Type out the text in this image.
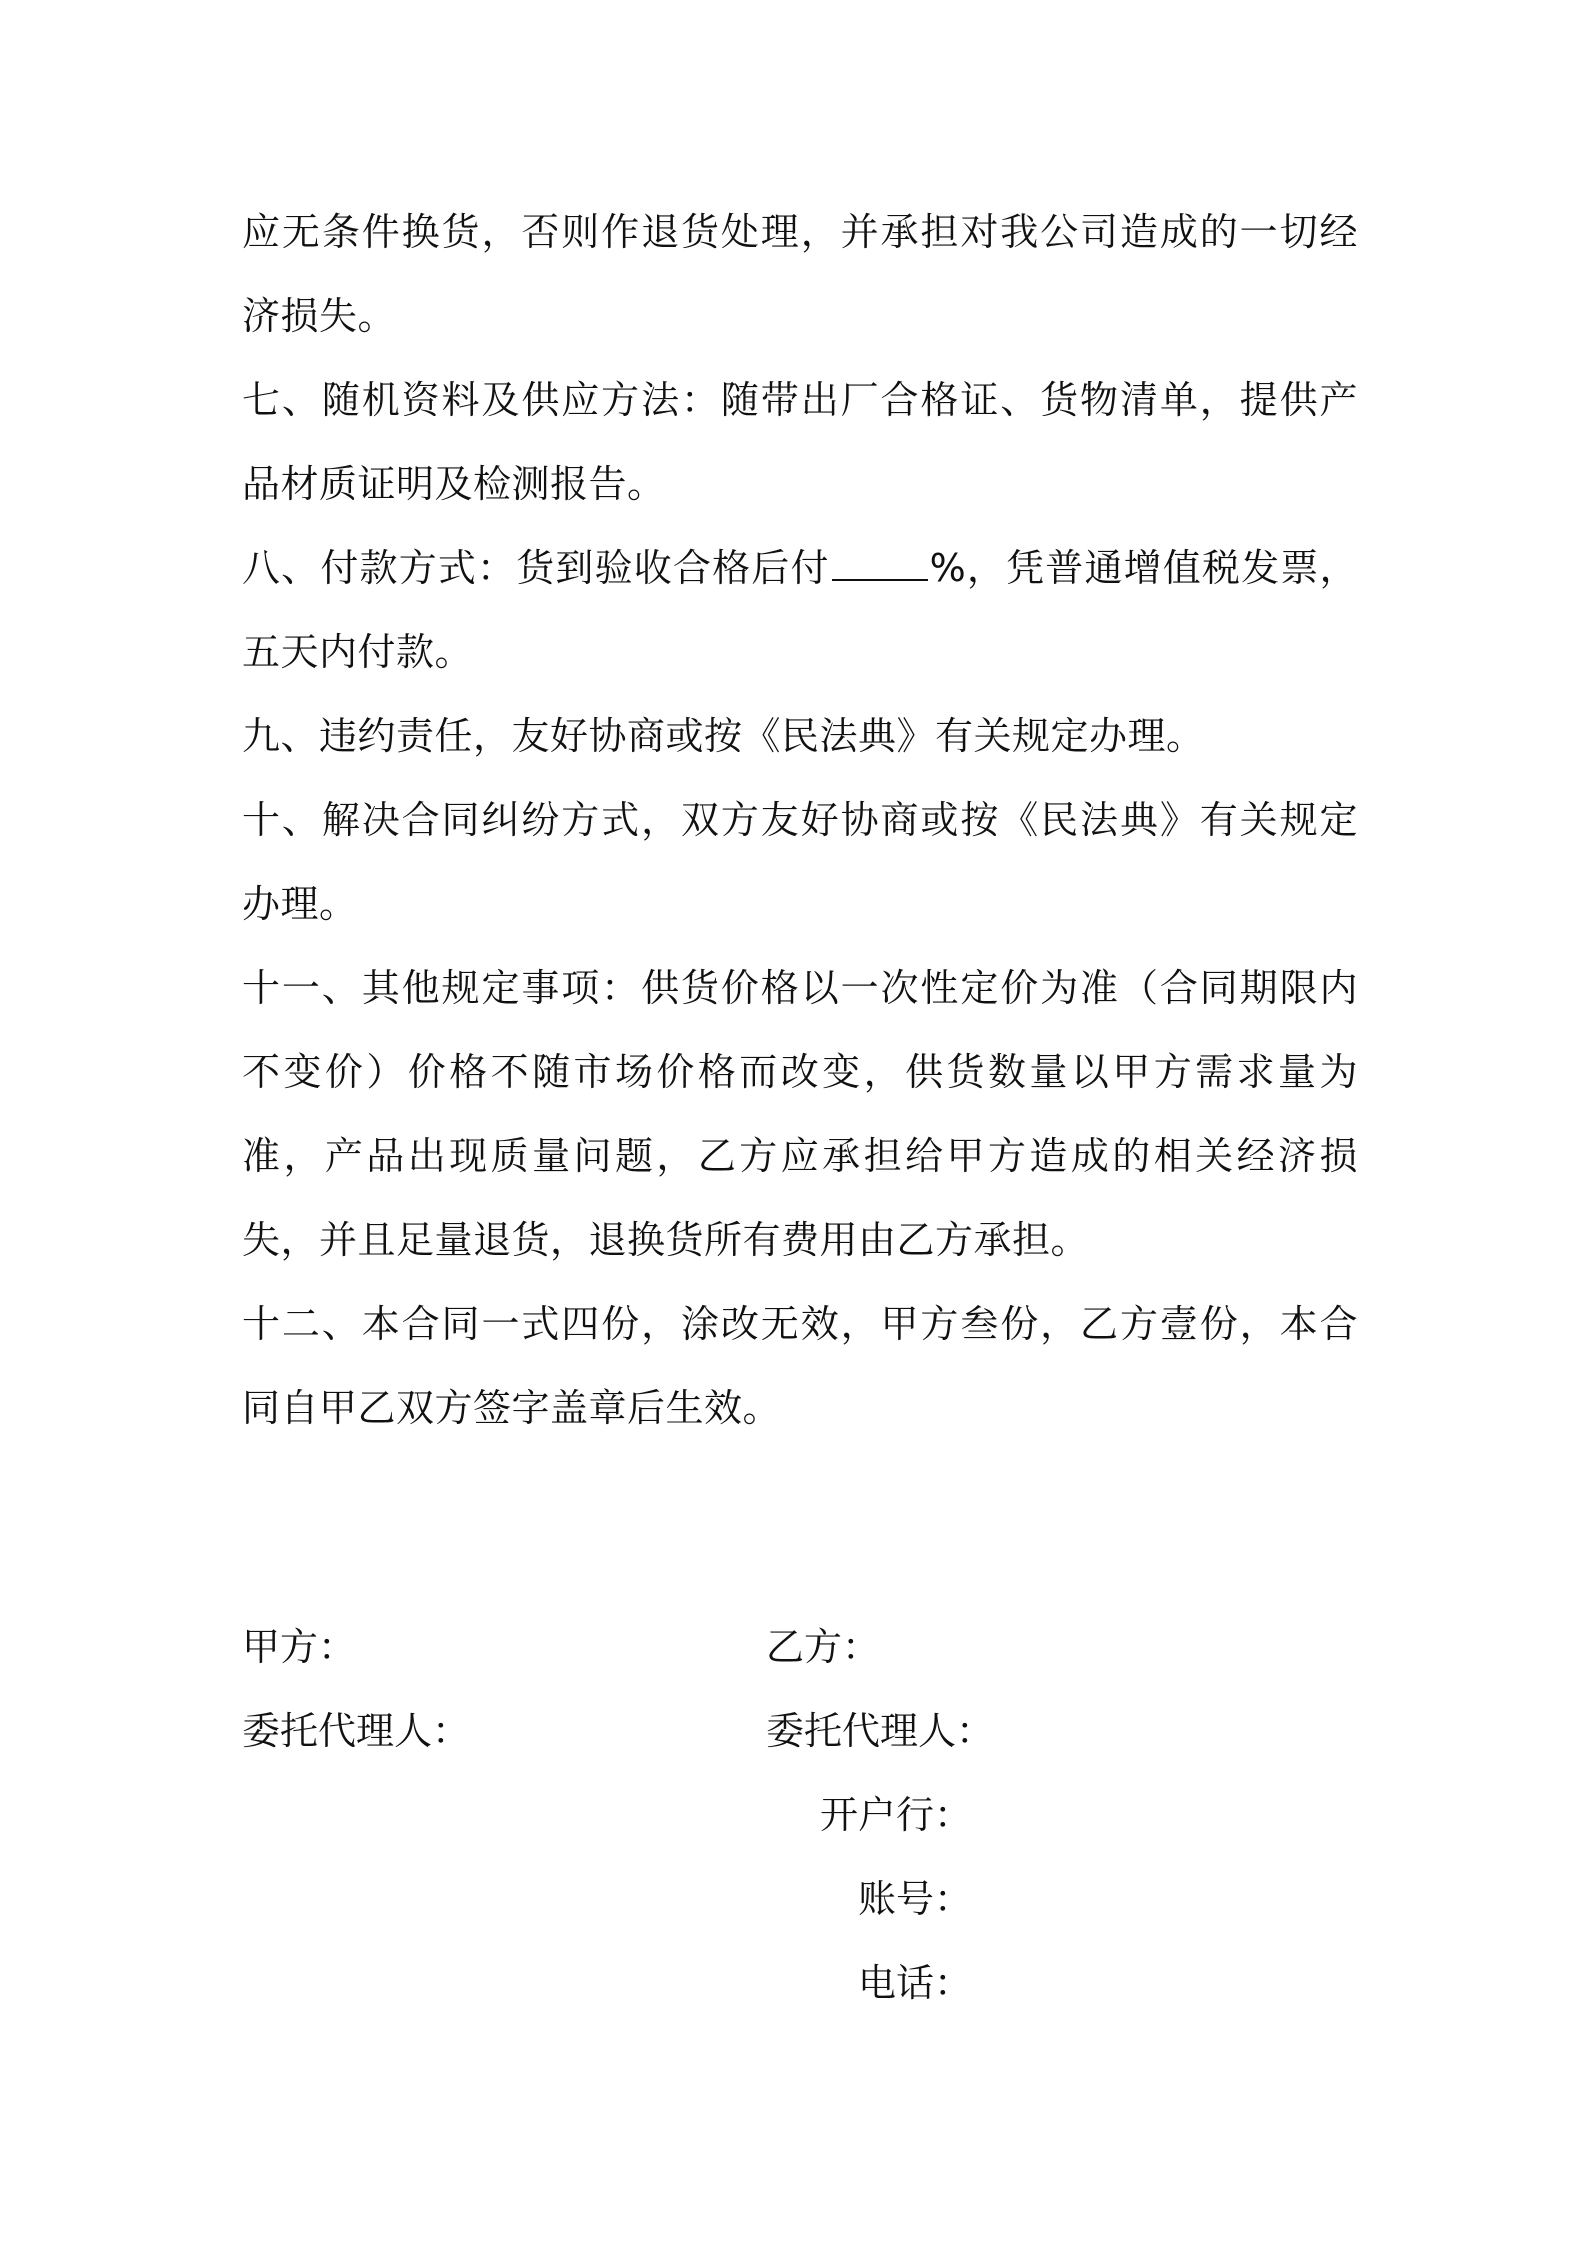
应无条件换货，否则作退货处理，并承担对我公司造成的一切经济损失。

七、随机资料及供应方法：随带出厂合格证、货物清单，提供产品材质证明及检测报告。

八、付款方式：货到验收合格后付	%，凭普通增值税发票，五天内付款。

九、违约责任，友好协商或按《民法典》有关规定办理。

十、解决合同纠纷方式，双方友好协商或按《民法典》有关规定办理。

十一、其他规定事项：供货价格以一次性定价为准（合同期限内不变价）价格不随市场价格而改变，供货数量以甲方需求量为准，产品出现质量问题，乙方应承担给甲方造成的相关经济损失，并且足量退货，退换货所有费用由乙方承担。

十二、本合同一式四份，涂改无效，甲方叁份，乙方壹份，本合同自甲乙双方签字盖章后生效。

甲方：	乙方：
委托代理人：	委托代理人：
开户行：
账号：
电话：
